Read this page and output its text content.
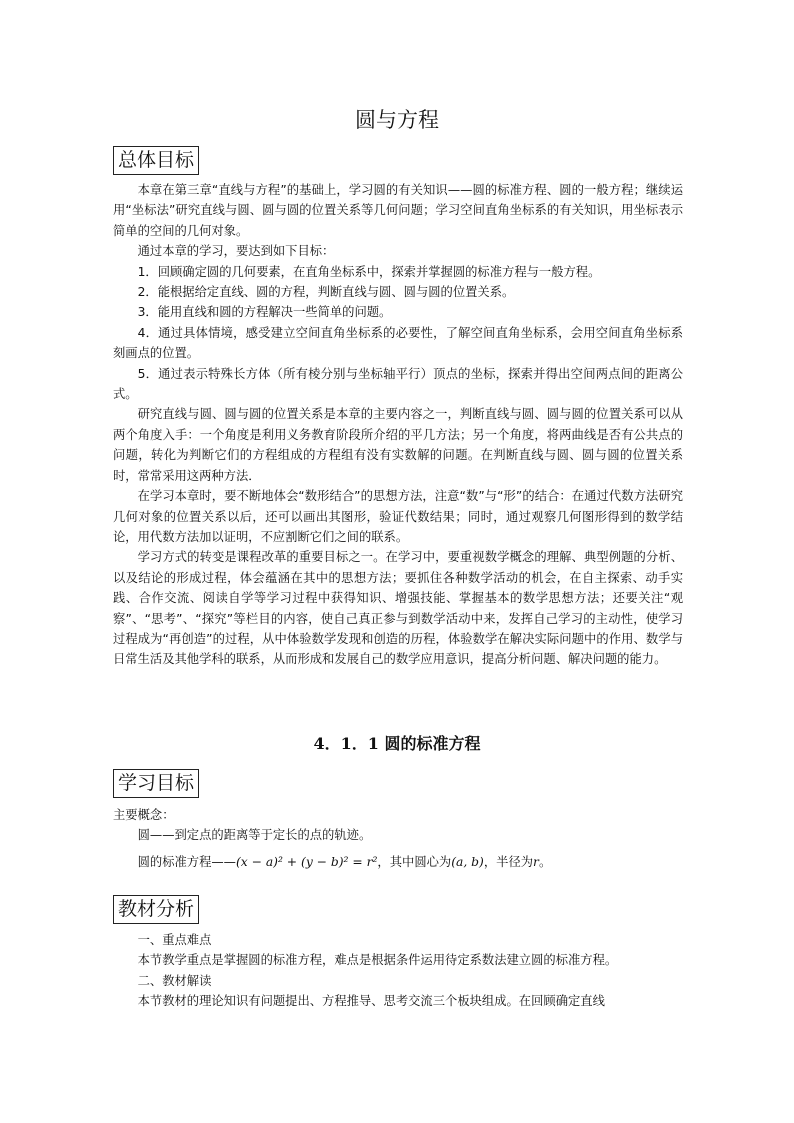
圆与方程
总体目标

本章在第三章“直线与方程”的基础上，学习圆的有关知识——圆的标准方程、圆的一般方程；继续运用“坐标法”研究直线与圆、圆与圆的位置关系等几何问题；学习空间直角坐标系的有关知识，用坐标表示简单的空间的几何对象。

通过本章的学习，要达到如下目标：

1．回顾确定圆的几何要素，在直角坐标系中，探索并掌握圆的标准方程与一般方程。

2．能根据给定直线、圆的方程，判断直线与圆、圆与圆的位置关系。

3．能用直线和圆的方程解决一些简单的问题。

4．通过具体情境，感受建立空间直角坐标系的必要性，了解空间直角坐标系，会用空间直角坐标系刻画点的位置。

5．通过表示特殊长方体（所有棱分别与坐标轴平行）顶点的坐标，探索并得出空间两点间的距离公式。

研究直线与圆、圆与圆的位置关系是本章的主要内容之一，判断直线与圆、圆与圆的位置关系可以从两个角度入手：一个角度是利用义务教育阶段所介绍的平几方法；另一个角度，将两曲线是否有公共点的问题，转化为判断它们的方程组成的方程组有没有实数解的问题。在判断直线与圆、圆与圆的位置关系时，常常采用这两种方法．

在学习本章时，要不断地体会“数形结合”的思想方法，注意“数”与“形”的结合：在通过代数方法研究几何对象的位置关系以后，还可以画出其图形，验证代数结果；同时，通过观察几何图形得到的数学结论，用代数方法加以证明，不应割断它们之间的联系。

学习方式的转变是课程改革的重要目标之一。在学习中，要重视数学概念的理解、典型例题的分析、以及结论的形成过程，体会蕴涵在其中的思想方法；要抓住各种数学活动的机会，在自主探索、动手实践、合作交流、阅读自学等学习过程中获得知识、增强技能、掌握基本的数学思想方法；还要关注“观察”、“思考”、“探究”等栏目的内容，使自己真正参与到数学活动中来，发挥自己学习的主动性，使学习过程成为“再创造”的过程，从中体验数学发现和创造的历程，体验数学在解决实际问题中的作用、数学与日常生活及其他学科的联系，从而形成和发展自己的数学应用意识，提高分析问题、解决问题的能力。

4．1．1 圆的标准方程
学习目标

主要概念：

圆——到定点的距离等于定长的点的轨迹。

圆的标准方程——(x − a)² + (y − b)² = r²，其中圆心为(a, b)，半径为r。

教材分析

一、重点难点

本节教学重点是掌握圆的标准方程，难点是根据条件运用待定系数法建立圆的标准方程。

二、教材解读

本节教材的理论知识有问题提出、方程推导、思考交流三个板块组成。在回顾确定直线
